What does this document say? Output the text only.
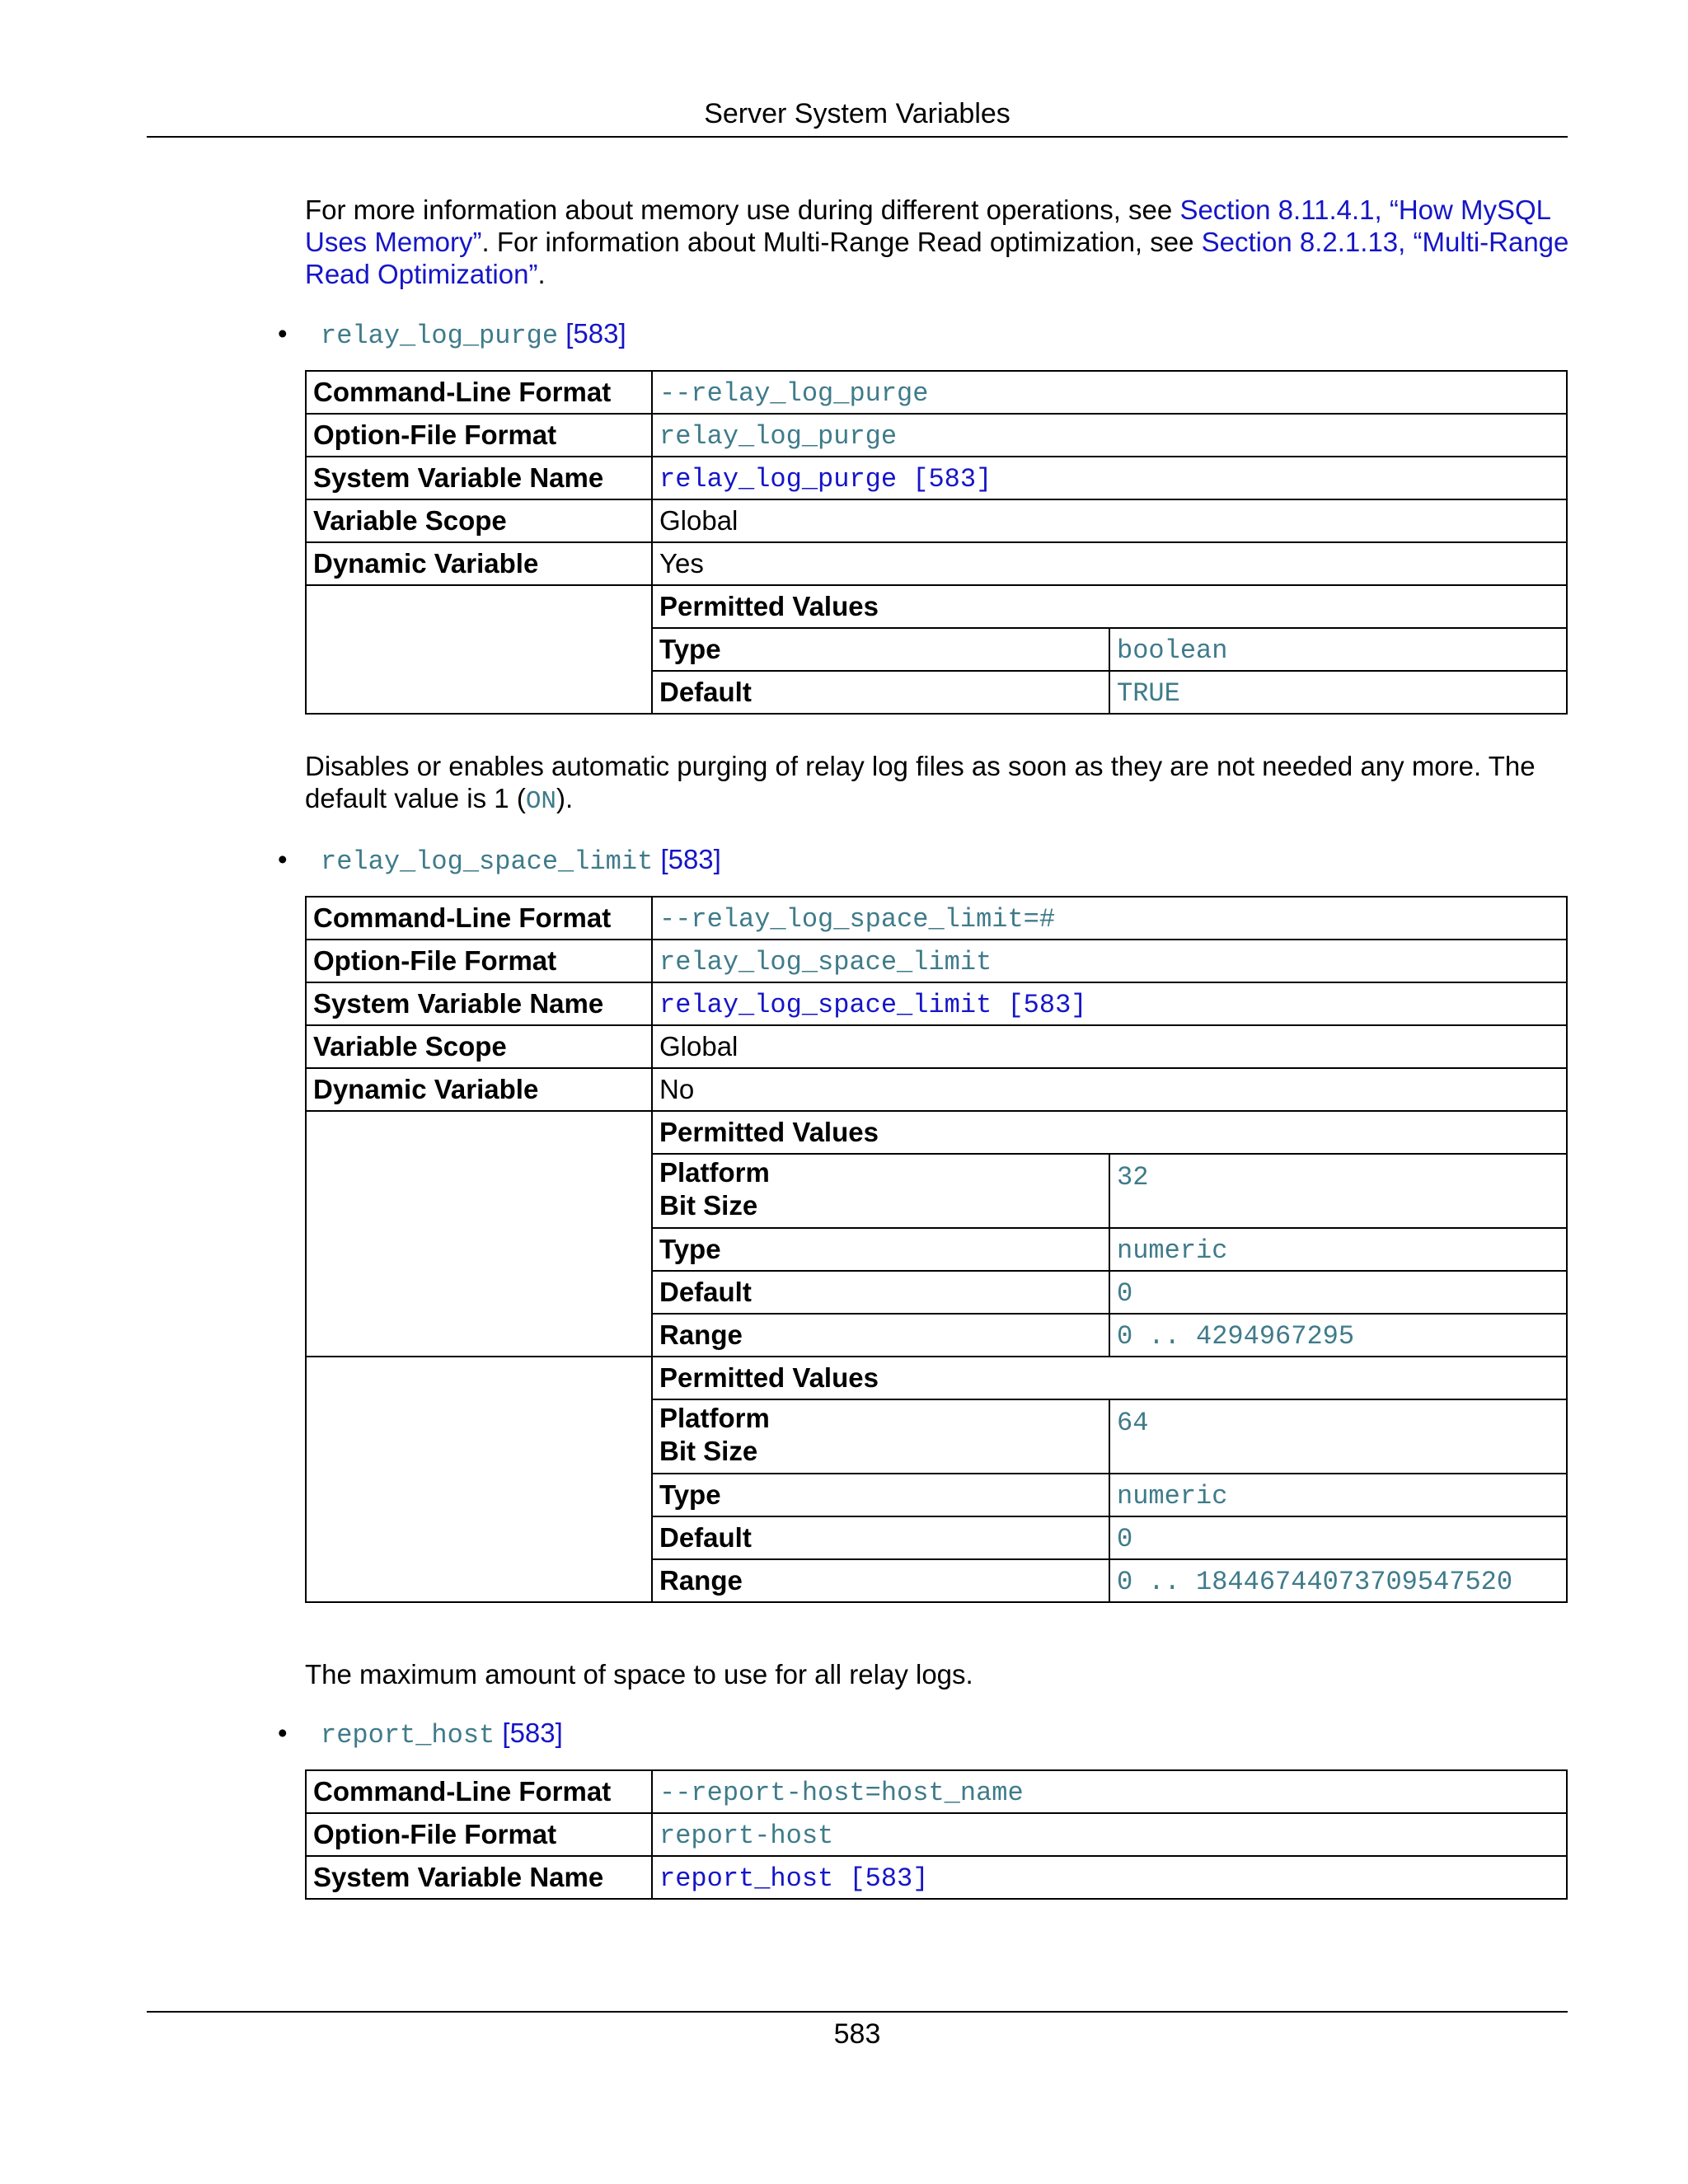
Server System Variables
For more information about memory use during different operations, see Section 8.11.4.1, “How MySQL Uses Memory”. For information about Multi-Range Read optimization, see Section 8.2.1.13, “Multi-Range Read Optimization”.
• relay_log_purge [583]
Command-Line Format	--relay_log_purge
Option-File Format	relay_log_purge
System Variable Name	relay_log_purge [583]
Variable Scope	Global
Dynamic Variable	Yes

Permitted Values
Type	boolean
Default	TRUE
Disables or enables automatic purging of relay log files as soon as they are not needed any more. The default value is 1 (ON).
• relay_log_space_limit [583]
Command-Line Format	--relay_log_space_limit=#
Option-File Format	relay_log_space_limit
System Variable Name	relay_log_space_limit [583]
Variable Scope	Global
Dynamic Variable	No

Permitted Values
Platform
Bit Size	32
Type	numeric
Default	0
Range	0 .. 4294967295

Permitted Values
Platform
Bit Size	64
Type	numeric
Default	0
Range	0 .. 18446744073709547520
The maximum amount of space to use for all relay logs.
• report_host [583]
Command-Line Format	--report-host=host_name
Option-File Format	report-host
System Variable Name	report_host [583]
583
